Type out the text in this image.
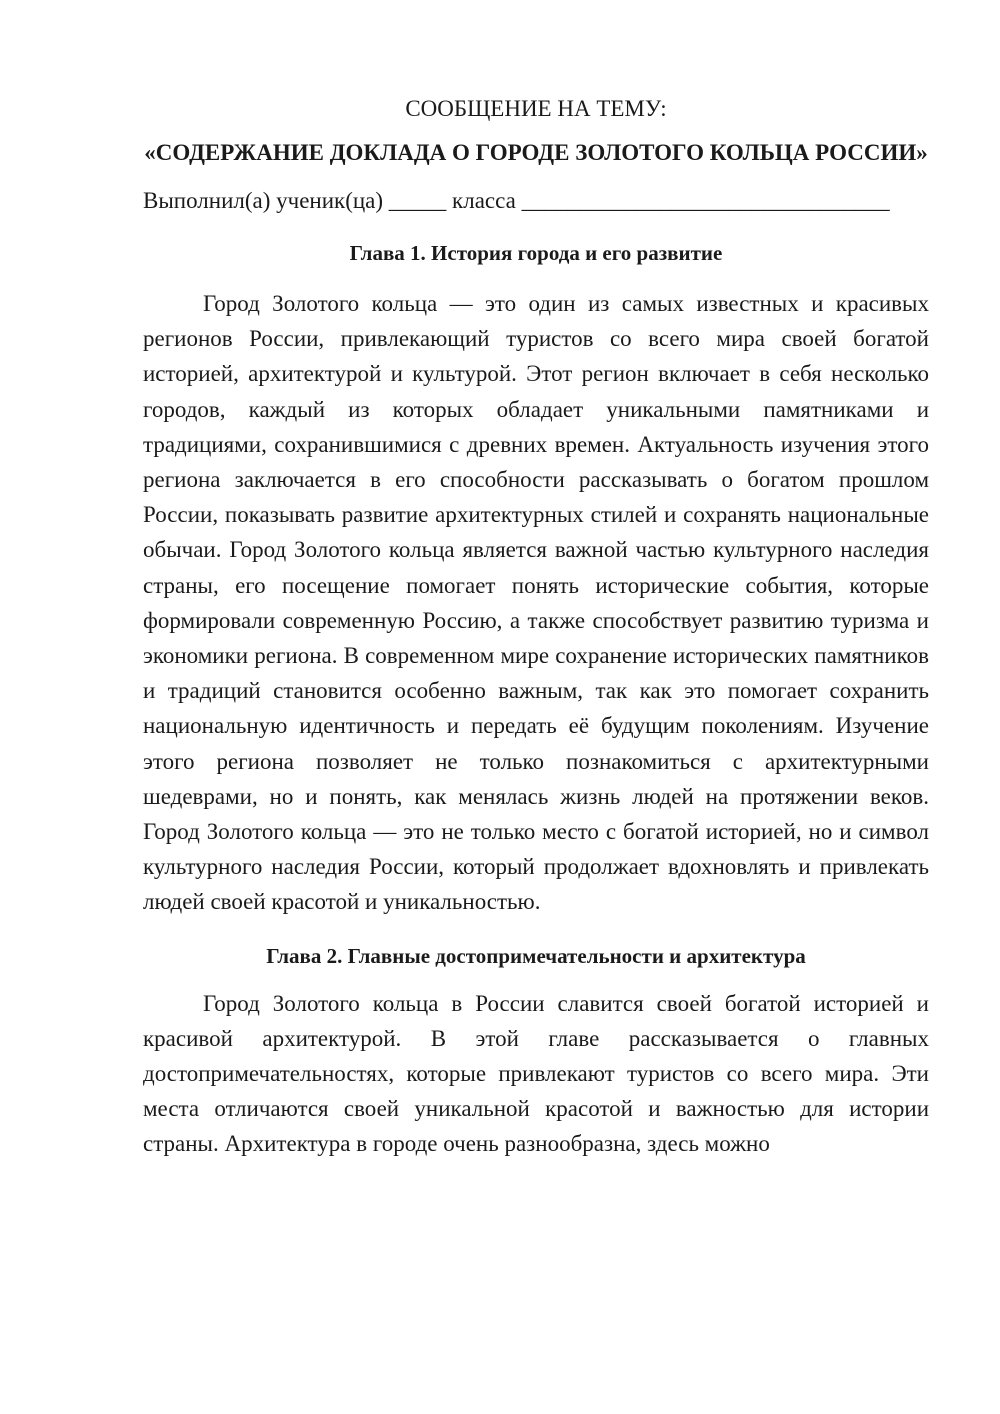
СООБЩЕНИЕ НА ТЕМУ:

«СОДЕРЖАНИЕ ДОКЛАДА О ГОРОДЕ ЗОЛОТОГО КОЛЬЦА РОССИИ»

Выполнил(а) ученик(ца) _____ класса ________________________________

Глава 1. История города и его развитие

Город Золотого кольца — это один из самых известных и красивых регионов России, привлекающий туристов со всего мира своей богатой историей, архитектурой и культурой. Этот регион включает в себя несколько городов, каждый из которых обладает уникальными памятниками и традициями, сохранившимися с древних времен. Актуальность изучения этого региона заключается в его способности рассказывать о богатом прошлом России, показывать развитие архитектурных стилей и сохранять национальные обычаи. Город Золотого кольца является важной частью культурного наследия страны, его посещение помогает понять исторические события, которые формировали современную Россию, а также способствует развитию туризма и экономики региона. В современном мире сохранение исторических памятников и традиций становится особенно важным, так как это помогает сохранить национальную идентичность и передать её будущим поколениям. Изучение этого региона позволяет не только познакомиться с архитектурными шедеврами, но и понять, как менялась жизнь людей на протяжении веков. Город Золотого кольца — это не только место с богатой историей, но и символ культурного наследия России, который продолжает вдохновлять и привлекать людей своей красотой и уникальностью.

Глава 2. Главные достопримечательности и архитектура

Город Золотого кольца в России славится своей богатой историей и красивой архитектурой. В этой главе рассказывается о главных достопримечательностях, которые привлекают туристов со всего мира. Эти места отличаются своей уникальной красотой и важностью для истории страны. Архитектура в городе очень разнообразна, здесь можно
